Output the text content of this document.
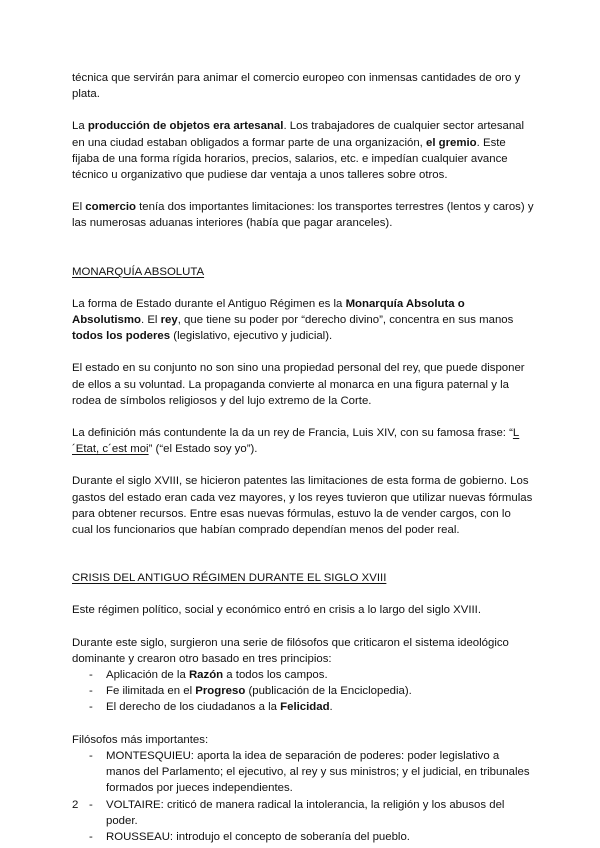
técnica que servirán para animar el comercio europeo con inmensas cantidades de oro y plata.

La producción de objetos era artesanal. Los trabajadores de cualquier sector artesanal en una ciudad estaban obligados a formar parte de una organización, el gremio. Este fijaba de una forma rígida horarios, precios, salarios, etc. e impedían cualquier avance técnico u organizativo que pudiese dar ventaja a unos talleres sobre otros.

El comercio tenía dos importantes limitaciones: los transportes terrestres (lentos y caros) y las numerosas aduanas interiores (había que pagar aranceles).

MONARQUÍA ABSOLUTA

La forma de Estado durante el Antiguo Régimen es la Monarquía Absoluta o Absolutismo. El rey, que tiene su poder por “derecho divino”, concentra en sus manos todos los poderes (legislativo, ejecutivo y judicial).

El estado en su conjunto no son sino una propiedad personal del rey, que puede disponer de ellos a su voluntad. La propaganda convierte al monarca en una figura paternal y la rodea de símbolos religiosos y del lujo extremo de la Corte.

La definición más contundente la da un rey de Francia, Luis XIV, con su famosa frase: “L´Etat, c´est moi” (“el Estado soy yo”).

Durante el siglo XVIII, se hicieron patentes las limitaciones de esta forma de gobierno. Los gastos del estado eran cada vez mayores, y los reyes tuvieron que utilizar nuevas fórmulas para obtener recursos. Entre esas nuevas fórmulas, estuvo la de vender cargos, con lo cual los funcionarios que habían comprado dependían menos del poder real.

CRISIS DEL ANTIGUO RÉGIMEN DURANTE EL SIGLO XVIII

Este régimen político, social y económico entró en crisis a lo largo del siglo XVIII.

Durante este siglo, surgieron una serie de filósofos que criticaron el sistema ideológico dominante y crearon otro basado en tres principios:

- Aplicación de la Razón a todos los campos.
- Fe ilimitada en el Progreso (publicación de la Enciclopedia).
- El derecho de los ciudadanos a la Felicidad.

Filósofos más importantes:

- MONTESQUIEU: aporta la idea de separación de poderes: poder legislativo a manos del Parlamento; el ejecutivo, al rey y sus ministros; y el judicial, en tribunales formados por jueces independientes.
- VOLTAIRE: criticó de manera radical la intolerancia, la religión y los abusos del poder.
- ROUSSEAU: introdujo el concepto de soberanía del pueblo.
2
